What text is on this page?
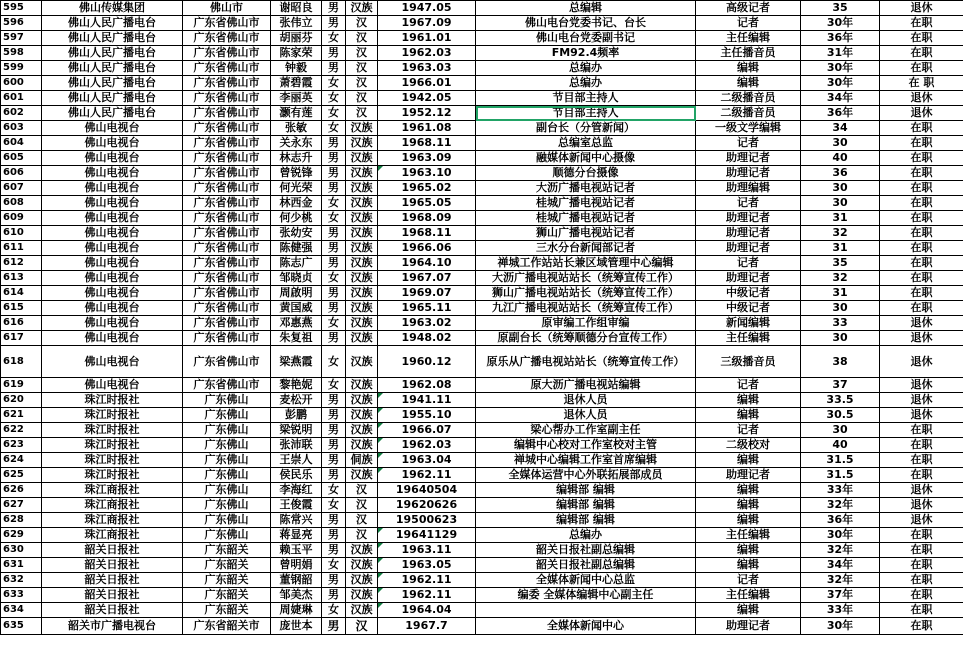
595	佛山传媒集团	佛山市	谢昭良	男	汉族	1947.05	总编辑	高级记者	35	退休
596	佛山人民广播电台	广东省佛山市	张伟立	男	汉	1967.09	佛山电台党委书记、台长	记者	30年	在职
597	佛山人民广播电台	广东省佛山市	胡丽芬	女	汉	1961.01	佛山电台党委副书记	主任编辑	36年	在职
598	佛山人民广播电台	广东省佛山市	陈家荣	男	汉	1962.03	FM92.4频率	主任播音员	31年	在职
599	佛山人民广播电台	广东省佛山市	钟毅	男	汉	1963.03	总编办	编辑	30年	在职
600	佛山人民广播电台	广东省佛山市	萧碧霞	女	汉	1966.01	总编办	编辑	30年	在 职
601	佛山人民广播电台	广东省佛山市	李丽英	女	汉	1942.05	节目部主持人	二级播音员	34年	退休
602	佛山人民广播电台	广东省佛山市	灏有莲	女	汉	1952.12	节目部主持人	二级播音员	36年	退休
603	佛山电视台	广东省佛山市	张敏	女	汉族	1961.08	副台长（分管新闻）	一级文学编辑	34	在职
604	佛山电视台	广东省佛山市	关永东	男	汉族	1968.11	总编室总监	记者	30	在职
605	佛山电视台	广东省佛山市	林志升	男	汉族	1963.09	融媒体新闻中心摄像	助理记者	40	在职
606	佛山电视台	广东省佛山市	曾锐锋	男	汉族	1963.10	顺德分台摄像	助理记者	36	在职
607	佛山电视台	广东省佛山市	何光荣	男	汉族	1965.02	大沥广播电视站记者	助理编辑	30	在职
608	佛山电视台	广东省佛山市	林西金	女	汉族	1965.05	桂城广播电视站记者	记者	30	在职
609	佛山电视台	广东省佛山市	何少桃	女	汉族	1968.09	桂城广播电视站记者	助理记者	31	在职
610	佛山电视台	广东省佛山市	张幼安	男	汉族	1968.11	狮山广播电视站记者	助理记者	32	在职
611	佛山电视台	广东省佛山市	陈健强	男	汉族	1966.06	三水分台新闻部记者	助理记者	31	在职
612	佛山电视台	广东省佛山市	陈志广	男	汉族	1964.10	禅城工作站站长兼区域管理中心编辑	记者	35	在职
613	佛山电视台	广东省佛山市	邹晓贞	女	汉族	1967.07	大沥广播电视站站长（统筹宣传工作）	助理记者	32	在职
614	佛山电视台	广东省佛山市	周啟明	男	汉族	1969.07	狮山广播电视站站长（统筹宣传工作）	中级记者	31	在职
615	佛山电视台	广东省佛山市	黄国威	男	汉族	1965.11	九江广播电视站站长（统筹宣传工作）	中级记者	30	在职
616	佛山电视台	广东省佛山市	邓惠燕	女	汉族	1963.02	原审编工作组审编	新闻编辑	33	退休
617	佛山电视台	广东省佛山市	朱复祖	男	汉族	1948.02	原副台长（统筹顺德分台宣传工作）	主任编辑	30	退休
618	佛山电视台	广东省佛山市	梁燕霞	女	汉族	1960.12	原乐从广播电视站站长（统筹宣传工作）	三级播音员	38	退休
619	佛山电视台	广东省佛山市	黎艳妮	女	汉族	1962.08	原大沥广播电视站编辑	记者	37	退休
620	珠江时报社	广东佛山	麦松开	男	汉族	1941.11	退休人员	编辑	33.5	退休
621	珠江时报社	广东佛山	彭鹏	男	汉族	1955.10	退休人员	编辑	30.5	退休
622	珠江时报社	广东佛山	梁锐明	男	汉族	1966.07	梁心帮办工作室副主任	记者	30	在职
623	珠江时报社	广东佛山	张沛联	男	汉族	1962.03	编辑中心校对工作室校对主管	二级校对	40	在职
624	珠江时报社	广东佛山	王崇人	男	侗族	1963.04	禅城中心编辑工作室首席编辑	编辑	31.5	在职
625	珠江时报社	广东佛山	侯民乐	男	汉族	1962.11	全媒体运营中心外联拓展部成员	助理记者	31.5	在职
626	珠江商报社	广东佛山	李海红	女	汉	19640504	编辑部 编辑	编辑	33年	退休
627	珠江商报社	广东佛山	王俊霞	女	汉	19620626	编辑部 编辑	编辑	32年	退休
628	珠江商报社	广东佛山	陈常兴	男	汉	19500623	编辑部 编辑	编辑	36年	退休
629	珠江商报社	广东佛山	蒋显亮	男	汉	19641129	总编办	主任编辑	30年	在职
630	韶关日报社	广东韶关	赖玉平	男	汉族	1963.11	韶关日报社副总编辑	编辑	32年	在职
631	韶关日报社	广东韶关	曾明娟	女	汉族	1963.05	韶关日报社副总编辑	编辑	34年	在职
632	韶关日报社	广东韶关	董钢韶	男	汉族	1962.11	全媒体新闻中心总监	记者	32年	在职
633	韶关日报社	广东韶关	邹美杰	男	汉族	1962.11	编委 全媒体编辑中心副主任	主任编辑	37年	在职
634	韶关日报社	广东韶关	周婕琳	女	汉族	1964.04		编辑	33年	在职
635	韶关市广播电视台	广东省韶关市	庞世本	男	汉	1967.7	全媒体新闻中心	助理记者	30年	在职
